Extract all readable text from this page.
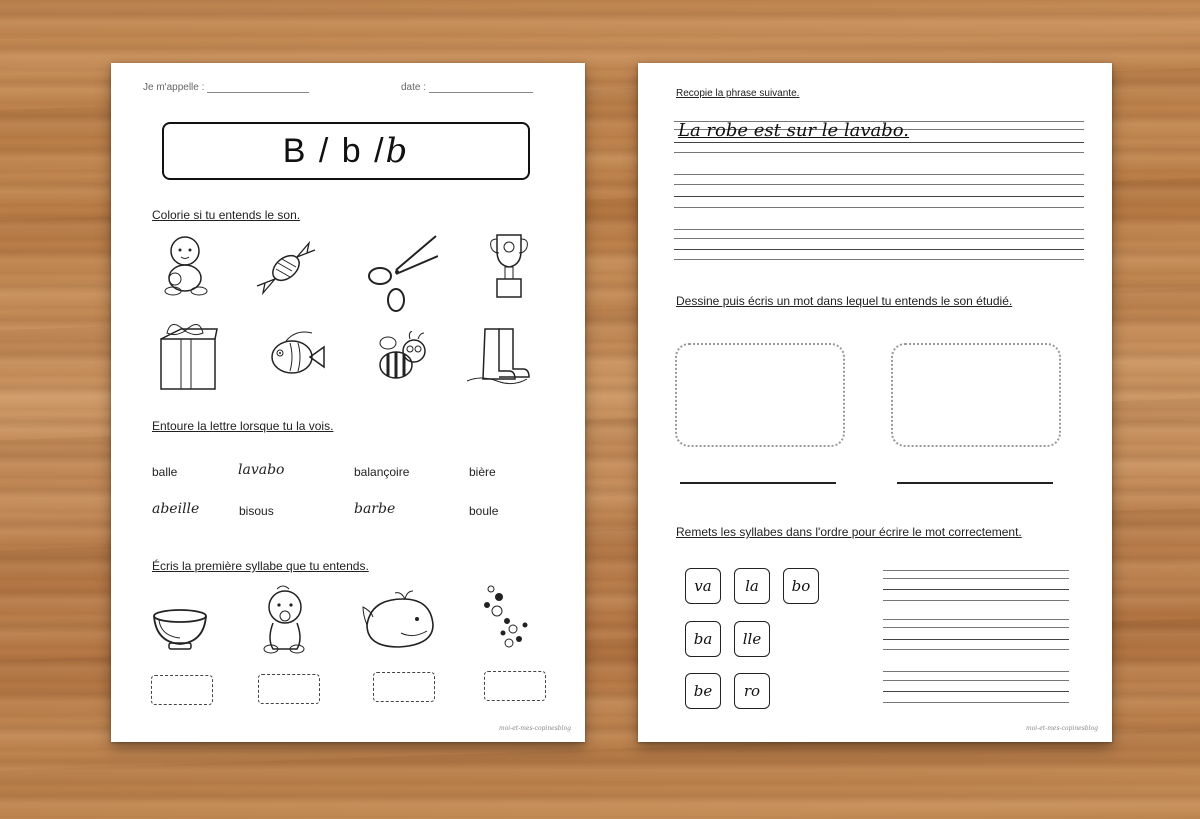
Je m'appelle :	date :
B / b / b
Colorie si tu entends le son.
Entoure la lettre lorsque tu la vois.
balle	lavabo	balançoire	bière
abeille	bisous	barbe	boule
Écris la première syllabe que tu entends.
moi-et-mes-copinesblog
Recopie la phrase suivante.
La robe est sur le lavabo.
Dessine puis écris un mot dans lequel tu entends le son étudié.
Remets les syllabes dans l'ordre pour écrire le mot correctement.
va	la	bo
ba	lle
be	ro
moi-et-mes-copinesblog
